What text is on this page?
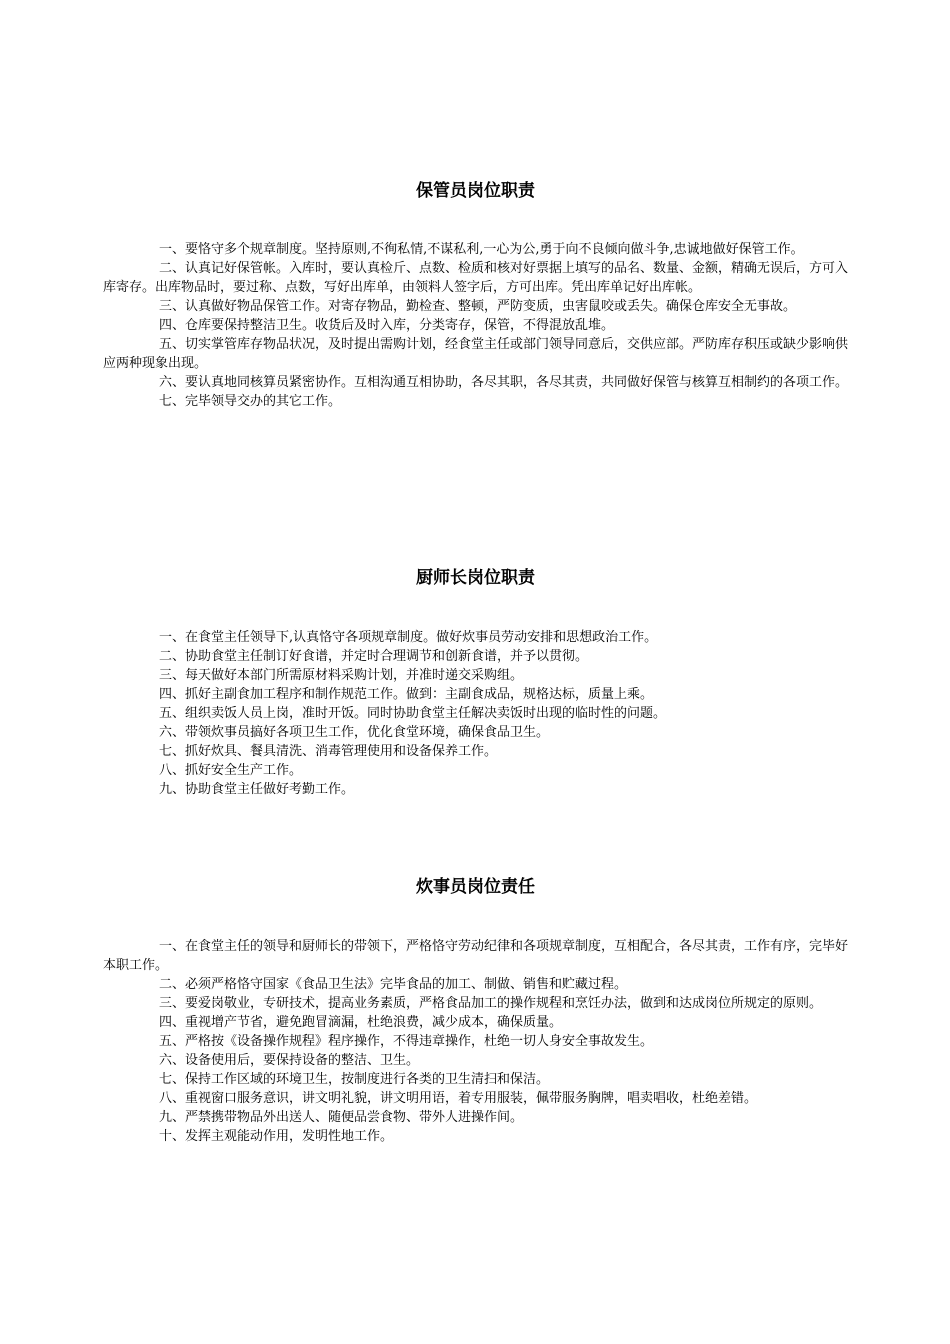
保管员岗位职责

一、要恪守多个规章制度。坚持原则,不徇私情,不谋私利,一心为公,勇于向不良倾向做斗争,忠诚地做好保管工作。

二、认真记好保管帐。入库时，要认真检斤、点数、检质和核对好票据上填写的品名、数量、金额，精确无误后，方可入库寄存。出库物品时，要过称、点数，写好出库单，由领料人签字后，方可出库。凭出库单记好出库帐。

三、认真做好物品保管工作。对寄存物品，勤检查、整顿，严防变质，虫害鼠咬或丢失。确保仓库安全无事故。

四、仓库要保持整洁卫生。收货后及时入库，分类寄存，保管，不得混放乱堆。

五、切实掌管库存物品状况，及时提出需购计划，经食堂主任或部门领导同意后，交供应部。严防库存积压或缺少影响供应两种现象出现。

六、要认真地同核算员紧密协作。互相沟通互相协助，各尽其职，各尽其责，共同做好保管与核算互相制约的各项工作。

七、完毕领导交办的其它工作。

厨师长岗位职责

一、在食堂主任领导下,认真恪守各项规章制度。做好炊事员劳动安排和思想政治工作。

二、协助食堂主任制订好食谱，并定时合理调节和创新食谱，并予以贯彻。

三、每天做好本部门所需原材料采购计划，并准时递交采购组。

四、抓好主副食加工程序和制作规范工作。做到：主副食成品，规格达标，质量上乘。

五、组织卖饭人员上岗，准时开饭。同时协助食堂主任解决卖饭时出现的临时性的问题。

六、带领炊事员搞好各项卫生工作，优化食堂环境，确保食品卫生。

七、抓好炊具、餐具清洗、消毒管理使用和设备保养工作。

八、抓好安全生产工作。

九、协助食堂主任做好考勤工作。

炊事员岗位责任

一、在食堂主任的领导和厨师长的带领下，严格恪守劳动纪律和各项规章制度，互相配合，各尽其责，工作有序，完毕好本职工作。

二、必须严格恪守国家《食品卫生法》完毕食品的加工、制做、销售和贮藏过程。

三、要爱岗敬业，专研技术，提高业务素质，严格食品加工的操作规程和烹饪办法，做到和达成岗位所规定的原则。

四、重视增产节省，避免跑冒滴漏，杜绝浪费，减少成本，确保质量。

五、严格按《设备操作规程》程序操作，不得违章操作，杜绝一切人身安全事故发生。

六、设备使用后，要保持设备的整洁、卫生。

七、保持工作区域的环境卫生，按制度进行各类的卫生清扫和保洁。

八、重视窗口服务意识，讲文明礼貌，讲文明用语，着专用服装，佩带服务胸牌，唱卖唱收，杜绝差错。

九、严禁携带物品外出送人、随便品尝食物、带外人进操作间。

十、发挥主观能动作用，发明性地工作。
